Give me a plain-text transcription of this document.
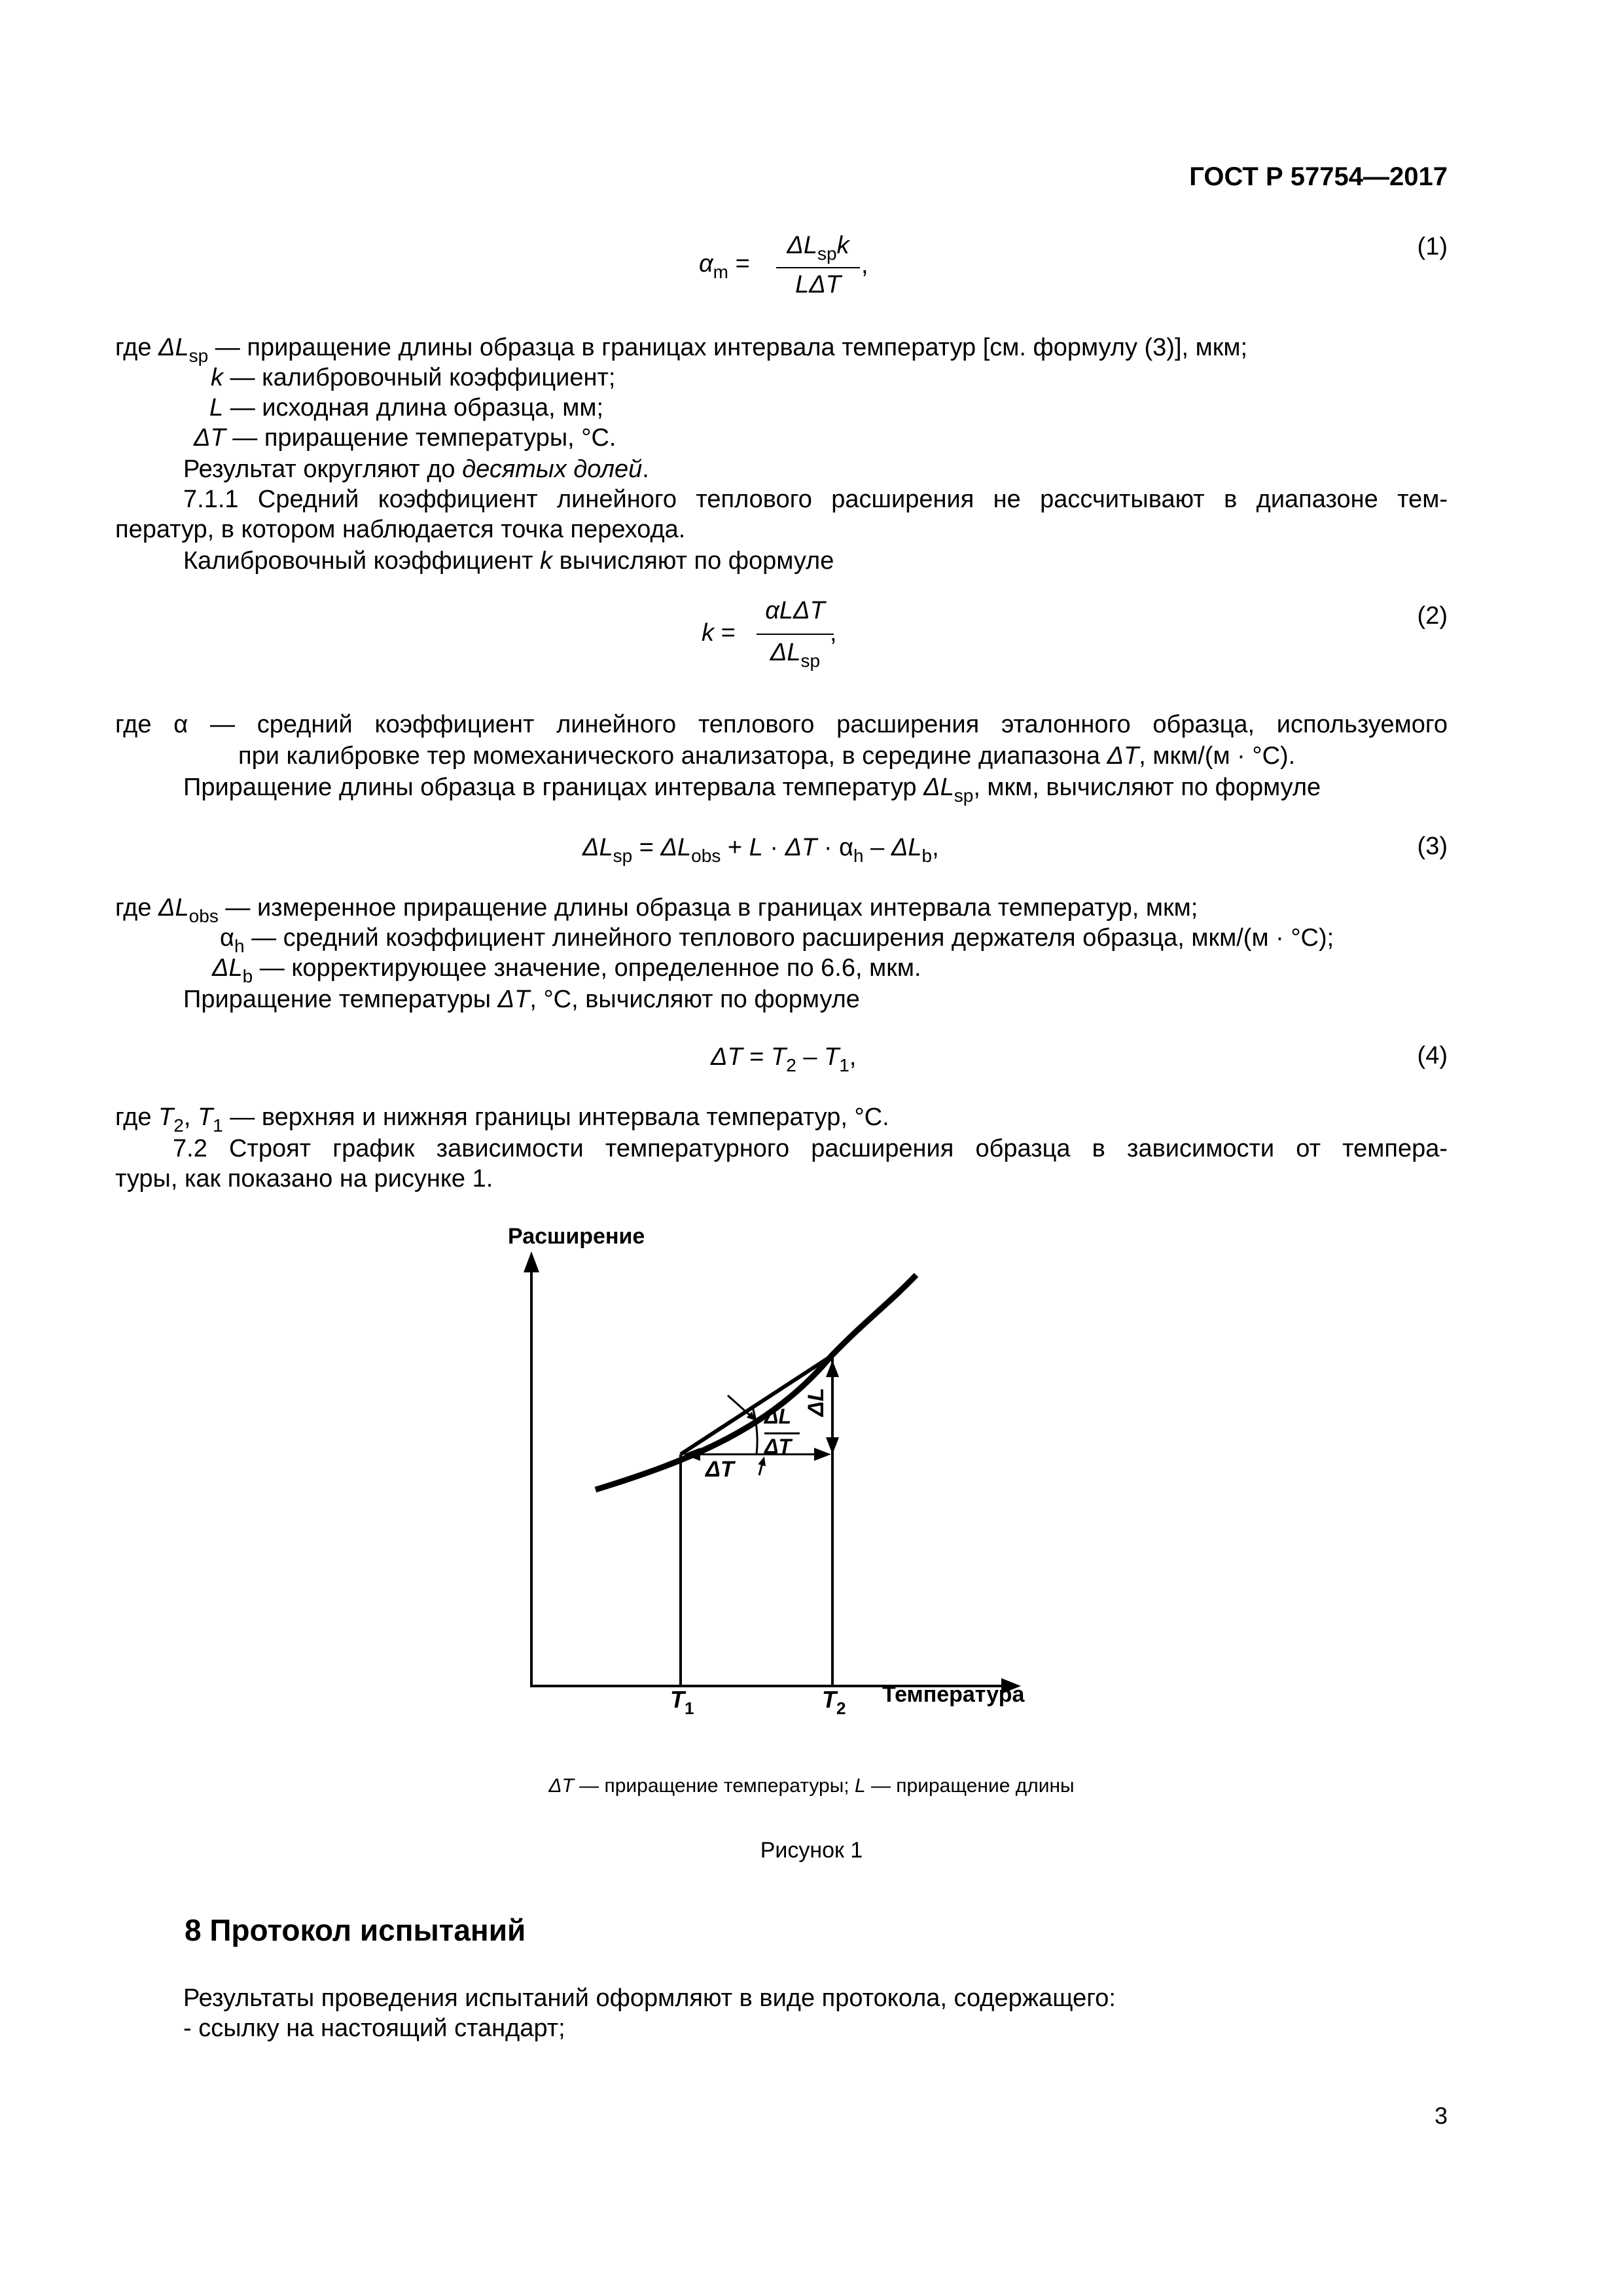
ГОСТ Р 57754—2017
$\alpha_m$ =
$\Delta L_{sp}k$
LΔT
,
(1)
где $\Delta L_{sp}$ — приращение длины образца в границах интервала температур [см. формулу (3)], мкм;
k — калибровочный коэффициент;
L — исходная длина образца, мм;
ΔT — приращение температуры, °С.
Результат округляют до десятых долей.
7.1.1 Средний коэффициент линейного теплового расширения не рассчитывают в диапазоне тем-
ператур, в котором наблюдается точка перехода.
Калибровочный коэффициент k вычисляют по формуле
k =
αLΔT
$\Delta L_{sp}$
,
(2)
где α — средний коэффициент линейного теплового расширения эталонного образца, используемого
при калибровке тер момеханического анализатора, в середине диапазона ΔT, мкм/(м · °С).
Приращение длины образца в границах интервала температур $\Delta L_{sp}$, мкм, вычисляют по формуле
$\Delta L_{sp} = \Delta L_{obs} + L \cdot \Delta T \cdot \alpha_h - \Delta L_b$,	(3)
где $\Delta L_{obs}$ — измеренное приращение длины образца в границах интервала температур, мкм;
$\alpha_h$ — средний коэффициент линейного теплового расширения держателя образца, мкм/(м · °С);
$\Delta L_b$ — корректирующее значение, определенное по 6.6, мкм.
Приращение температуры ΔT, °С, вычисляют по формуле
$\Delta T = T_2 - T_1$,	(4)
где $T_2$, $T_1$ — верхняя и нижняя границы интервала температур, °С.
7.2 Строят график зависимости температурного расширения образца в зависимости от темпера-
туры, как показано на рисунке 1.
Расширение
Температура
$T_1$	$T_2$
ΔT
ΔL
ΔL
ΔT
ΔT — приращение температуры; L — приращение длины
Рисунок 1
8 Протокол испытаний
Результаты проведения испытаний оформляют в виде протокола, содержащего:
- ссылку на настоящий стандарт;
3
